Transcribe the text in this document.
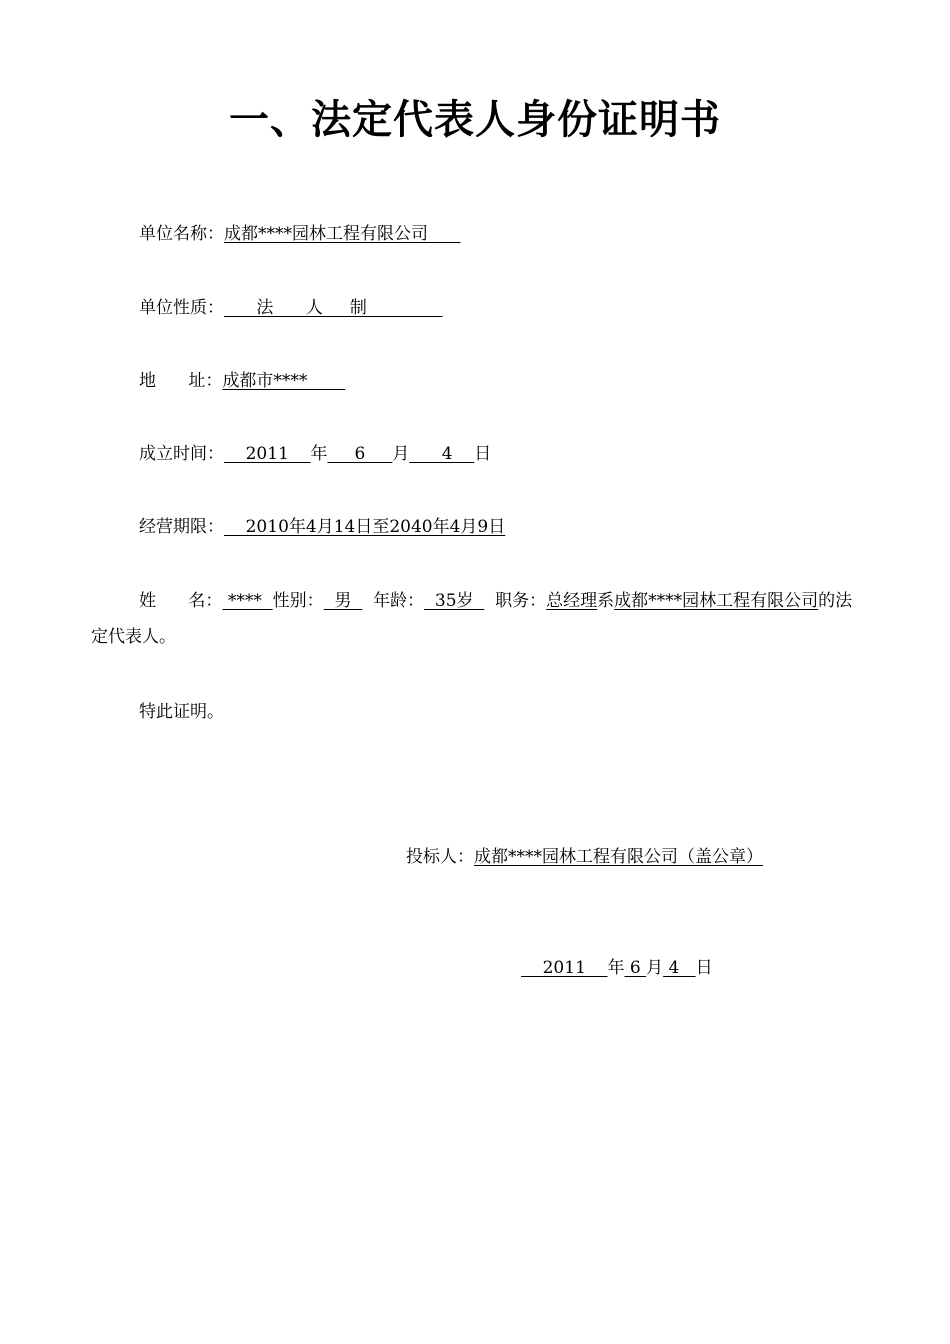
一、法定代表人身份证明书
单位名称：成都****园林工程有限公司
单位性质：      法      人     制
地      址：成都市****
成立时间：    2011    年     6     月      4    日
经营期限：    2010年4月14日至2040年4月9日
姓      名： ****  性别：  男    年龄：  35岁    职务：总经理系成都****园林工程有限公司的法定代表人。
特此证明。
投标人：成都****园林工程有限公司（盖公章）
2011    年 6 月 4   日
